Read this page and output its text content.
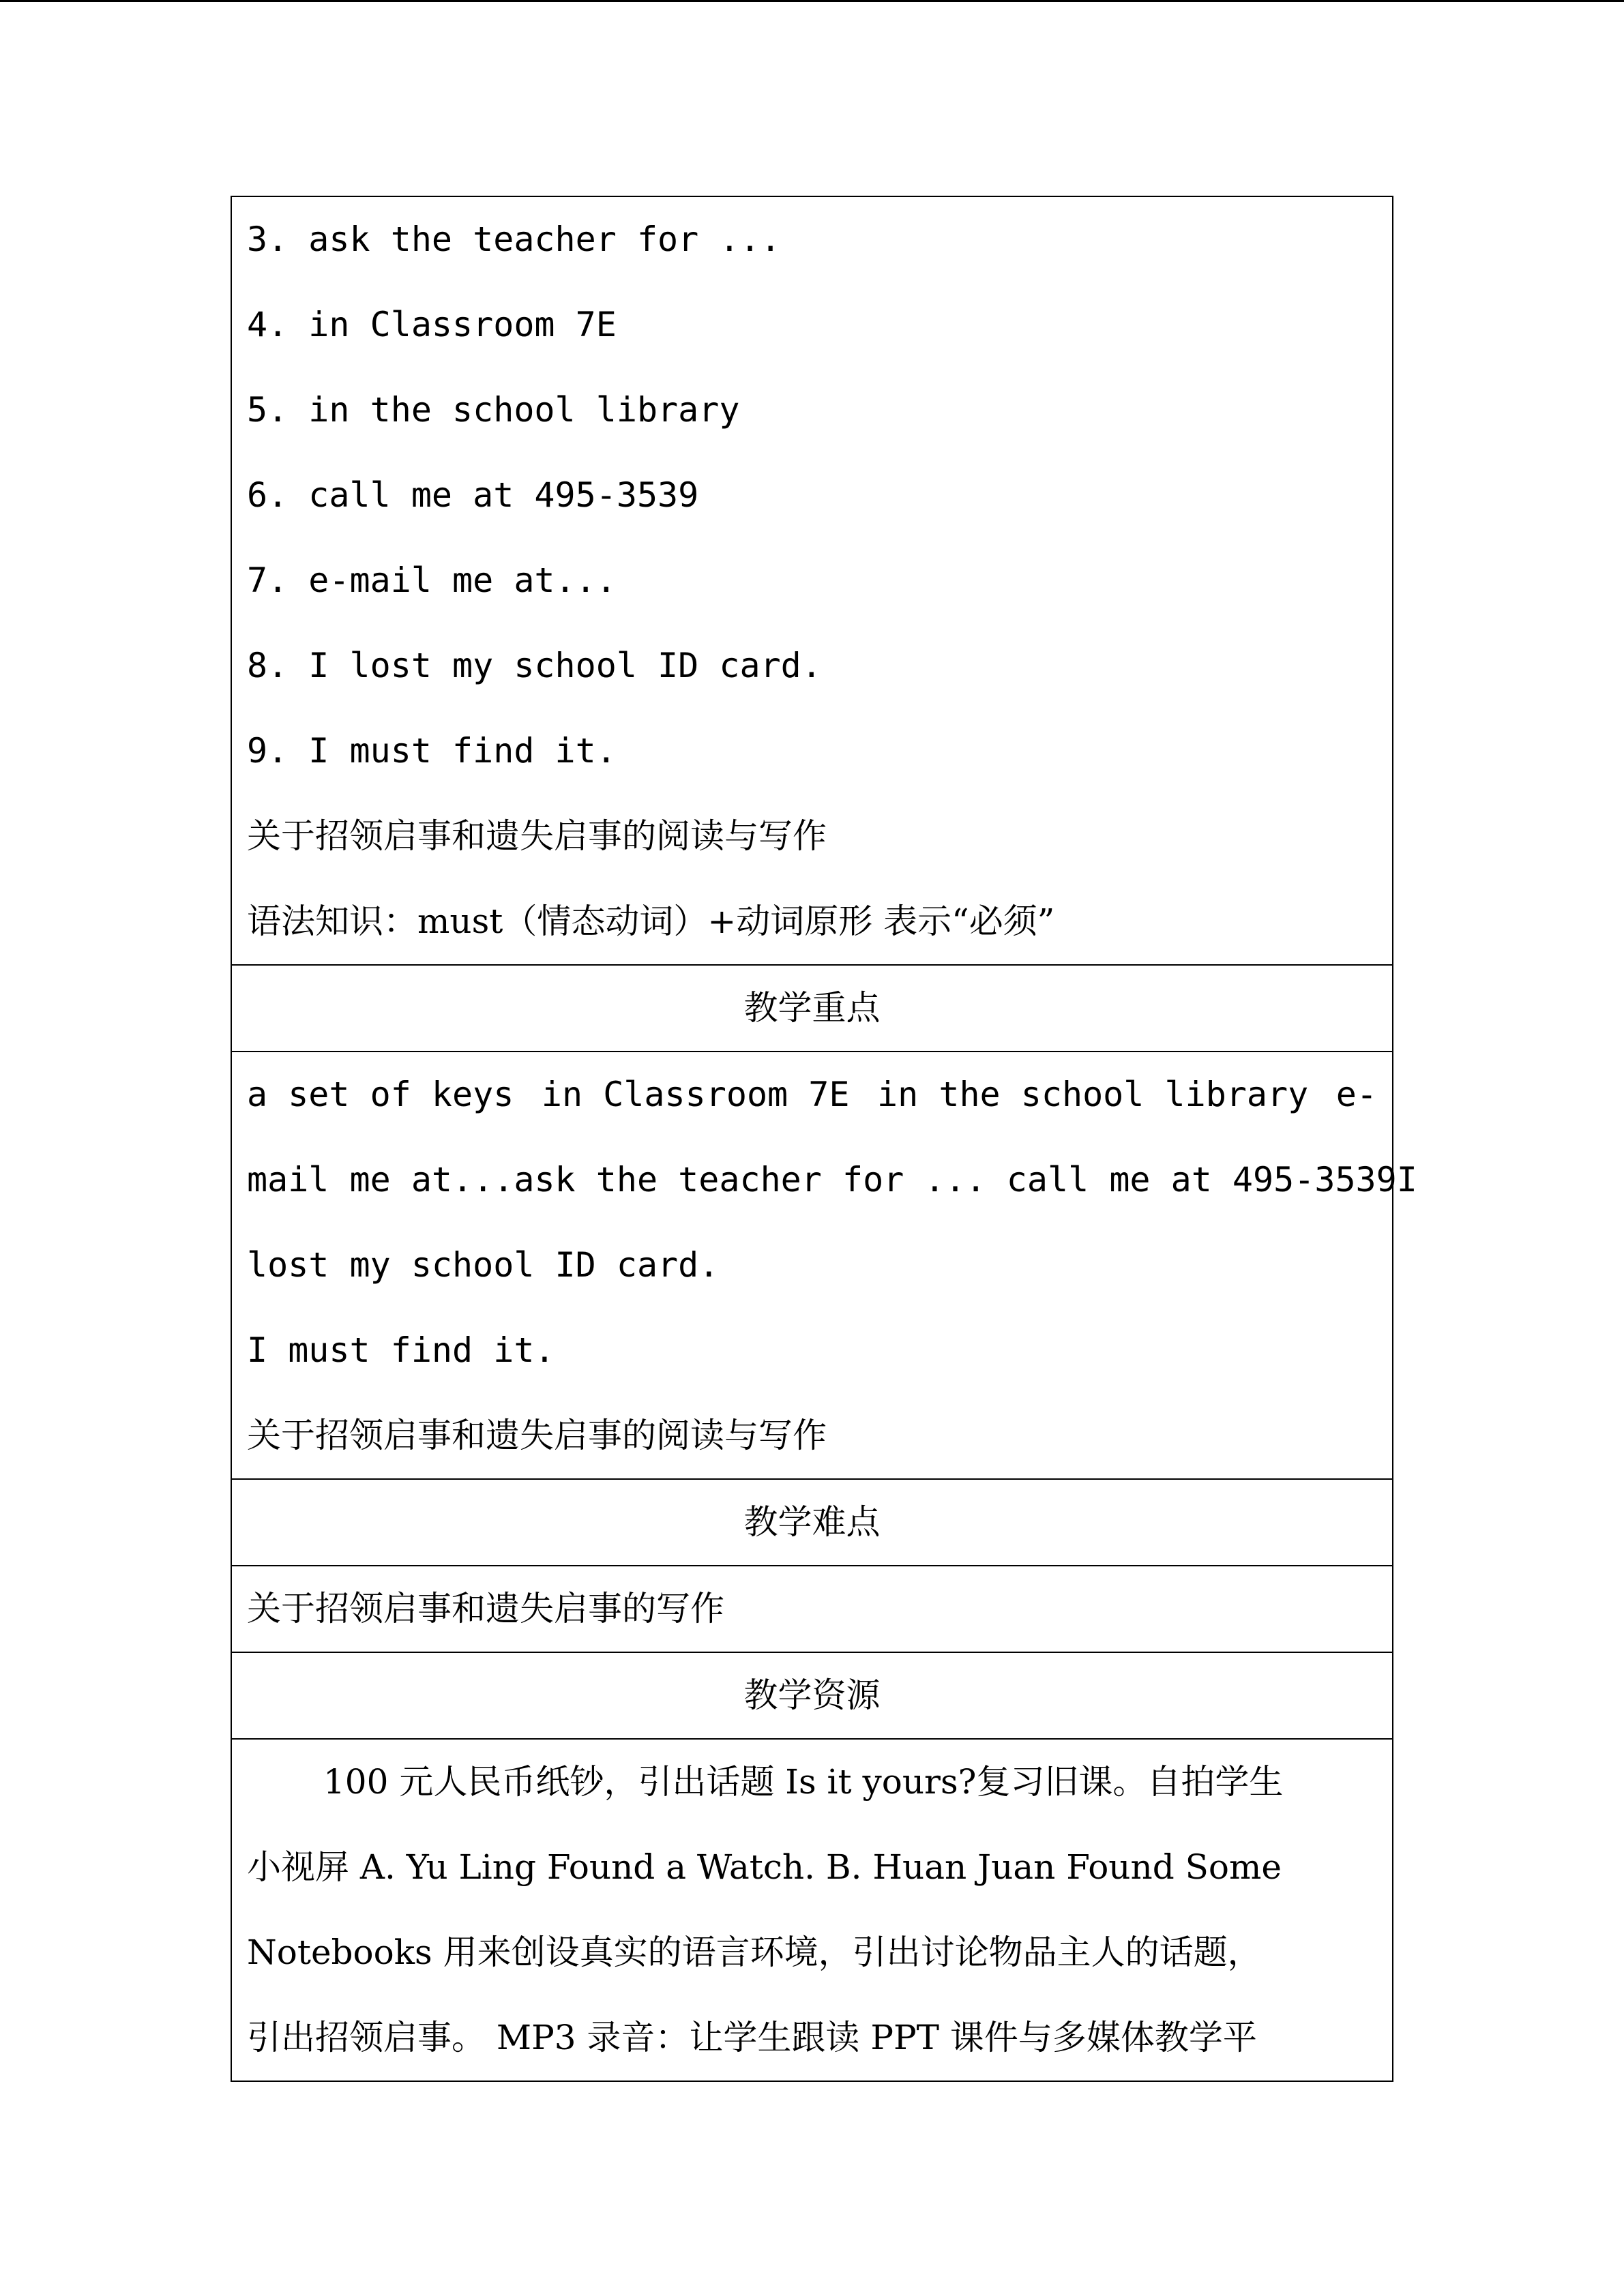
3. ask the teacher for ...
4. in Classroom 7E
5. in the school library
6. call me at 495-3539
7. e-mail me at...
8. I lost my school ID card.
9. I must find it.
关于招领启事和遗失启事的阅读与写作
语法知识：must（情态动词）+动词原形 表示“必须”
教学重点
a set of keys in Classroom 7E in the school library e-
mail me at... ask the teacher for ... call me at 495-3539 I
lost my school ID card.
I must find it.
关于招领启事和遗失启事的阅读与写作
教学难点
关于招领启事和遗失启事的写作
教学资源
100 元人民币纸钞，引出话题 Is it yours?复习旧课。自拍学生
小视屏 A. Yu Ling Found a Watch. B. Huan Juan Found Some
Notebooks 用来创设真实的语言环境，引出讨论物品主人的话题，
引出招领启事。 MP3 录音：让学生跟读 PPT 课件与多媒体教学平
